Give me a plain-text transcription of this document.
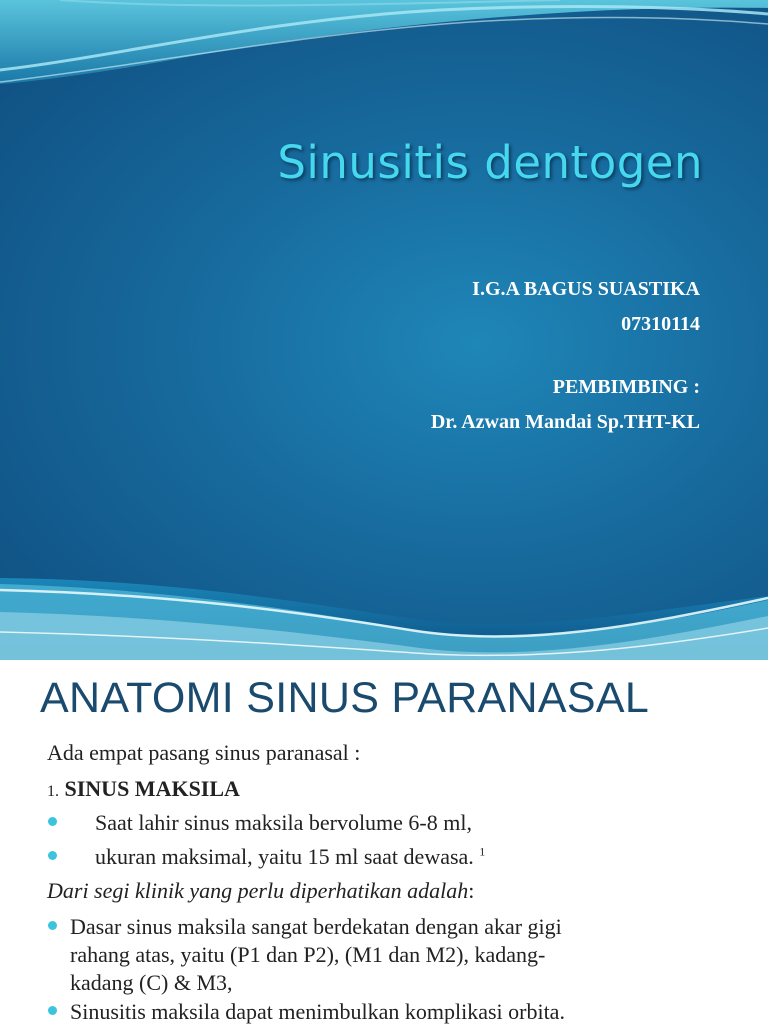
Sinusitis dentogen

I.G.A BAGUS SUASTIKA

07310114

PEMBIMBING :

Dr. Azwan Mandai Sp.THT-KL

ANATOMI SINUS PARANASAL

Ada empat pasang sinus paranasal :

1. SINUS MAKSILA

Saat lahir sinus maksila bervolume 6-8 ml,

ukuran maksimal, yaitu 15 ml saat dewasa. $^1$

Dari segi klinik yang perlu diperhatikan adalah:

Dasar sinus maksila sangat berdekatan dengan akar gigi

rahang atas, yaitu (P1 dan P2), (M1 dan M2), kadang-

kadang (C) & M3,

Sinusitis maksila dapat menimbulkan komplikasi orbita.
